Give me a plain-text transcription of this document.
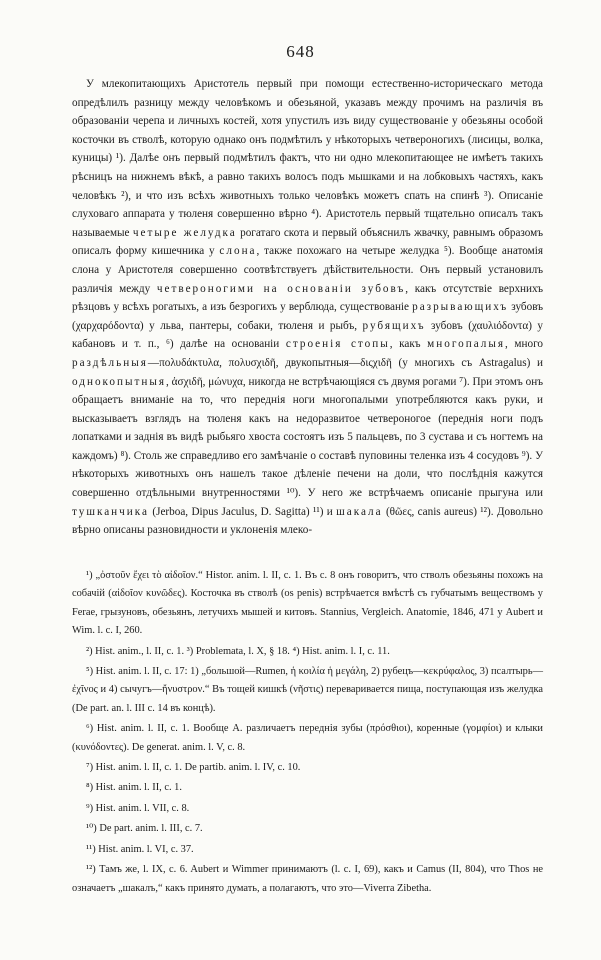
648

У млекопитающихъ Аристотель первый при помощи естественно-историческаго метода опредѣлилъ разницу между человѣкомъ и обезьяной, указавъ между прочимъ на различія въ образованіи черепа и личныхъ костей, хотя упустилъ изъ виду существованіе у обезьяны особой косточки въ стволѣ, которую однако онъ подмѣтилъ у нѣкоторыхъ четвероногихъ (лисицы, волка, куницы) ¹). Далѣе онъ первый подмѣтилъ фактъ, что ни одно млекопитающее не имѣетъ такихъ рѣсницъ на нижнемъ вѣкѣ, а равно такихъ волосъ подъ мышками и на лобковыхъ частяхъ, какъ человѣкъ ²), и что изъ всѣхъ животныхъ только человѣкъ можетъ спать на спинѣ ³). Описаніе слуховаго аппарата у тюленя совершенно вѣрно ⁴). Аристотель первый тщательно описалъ такъ называемые четыре желудка рогатаго скота и первый объяснилъ жвачку, равнымъ образомъ описалъ форму кишечника у слона, также похожаго на четыре желудка ⁵). Вообще анатомія слона у Аристотеля совершенно соотвѣтствуетъ дѣйствительности. Онъ первый установилъ различія между четвероногими на основаніи зубовъ, какъ отсутствіе верхнихъ рѣзцовъ у всѣхъ рогатыхъ, а изъ безрогихъ у верблюда, существованіе разрывающихъ зубовъ (χαρχαρόδοντα) у льва, пантеры, собаки, тюленя и рыбъ, рубящихъ зубовъ (χαυλιόδοντα) у кабановъ и т. п., ⁶) далѣе на основаніи строенія стопы, какъ многопалыя, много раздѣльныя—πολυδάκτυλα, πολυσχιδῆ, двукопытныя—διςχιδῆ (у многихъ съ Astragalus) и однокопытныя, ἀσχιδῆ, μώνυχα, никогда не встрѣчающіяся съ двумя рогами ⁷). При этомъ онъ обращаетъ вниманіе на то, что переднія ноги многопалыми употребляются какъ руки, и высказываетъ взглядъ на тюленя какъ на недоразвитое четвероногое (переднія ноги подъ лопатками и заднія въ видѣ рыбьяго хвоста состоятъ изъ 5 пальцевъ, по 3 сустава и съ ногтемъ на каждомъ) ⁸). Столь же справедливо его замѣчаніе о составѣ пуповины теленка изъ 4 сосудовъ ⁹). У нѣкоторыхъ животныхъ онъ нашелъ такое дѣленіе печени на доли, что послѣднія кажутся совершенно отдѣльными внутренностями ¹⁰). У него же встрѣчаемъ описаніе прыгуна или тушканчика (Jerboa, Dipus Jaculus, D. Sagitta) ¹¹) и шакала (θῶες, canis aureus) ¹²). Довольно вѣрно описаны разновидности и уклоненія млеко-

¹) „ὀστοῦν ἔχει τὸ αἰδοῖον.“ Histor. anim. l. II, c. 1. Въ с. 8 онъ говоритъ, что стволъ обезьяны похожъ на собачій (αἰδοῖον κυνῶδες). Косточка въ стволѣ (os penis) встрѣчается вмѣстѣ съ губчатымъ веществомъ у Ferae, грызуновъ, обезьянъ, летучихъ мышей и китовъ. Stannius, Vergleich. Anatomie, 1846, 471 у Aubert и Wim. l. c. I, 260.

²) Hist. anim., l. II, c. 1. ³) Problemata, l. X, § 18. ⁴) Hist. anim. l. I, c. 11.

⁵) Hist. anim. l. II, c. 17: 1) „большой—Rumen, ἡ κοιλία ἡ μεγάλη, 2) рубецъ—κεκρύφαλος, 3) псалтырь—ἐχῖνος и 4) сычугъ—ἤνυστρον.“ Въ тощей кишкѣ (νῆστις) переваривается пища, поступающая изъ желудка (De part. an. l. III c. 14 въ концѣ).

⁶) Hist. anim. l. II, c. 1. Вообще А. различаетъ переднія зубы (πρόσθιοι), коренные (γομφίοι) и клыки (κυνόδοντες). De generat. anim. l. V, c. 8.

⁷) Hist. anim. l. II, c. 1. De partib. anim. l. IV, c. 10.

⁸) Hist. anim. l. II, c. 1.

⁹) Hist. anim. l. VII, c. 8.

¹⁰) De part. anim. l. III, c. 7.

¹¹) Hist. anim. l. VI, c. 37.

¹²) Тамъ же, l. IX, c. 6. Aubert и Wimmer принимаютъ (l. c. I, 69), какъ и Camus (II, 804), что Thos не означаетъ „шакалъ,“ какъ принято думать, а полагаютъ, что это—Viverra Zibetha.
